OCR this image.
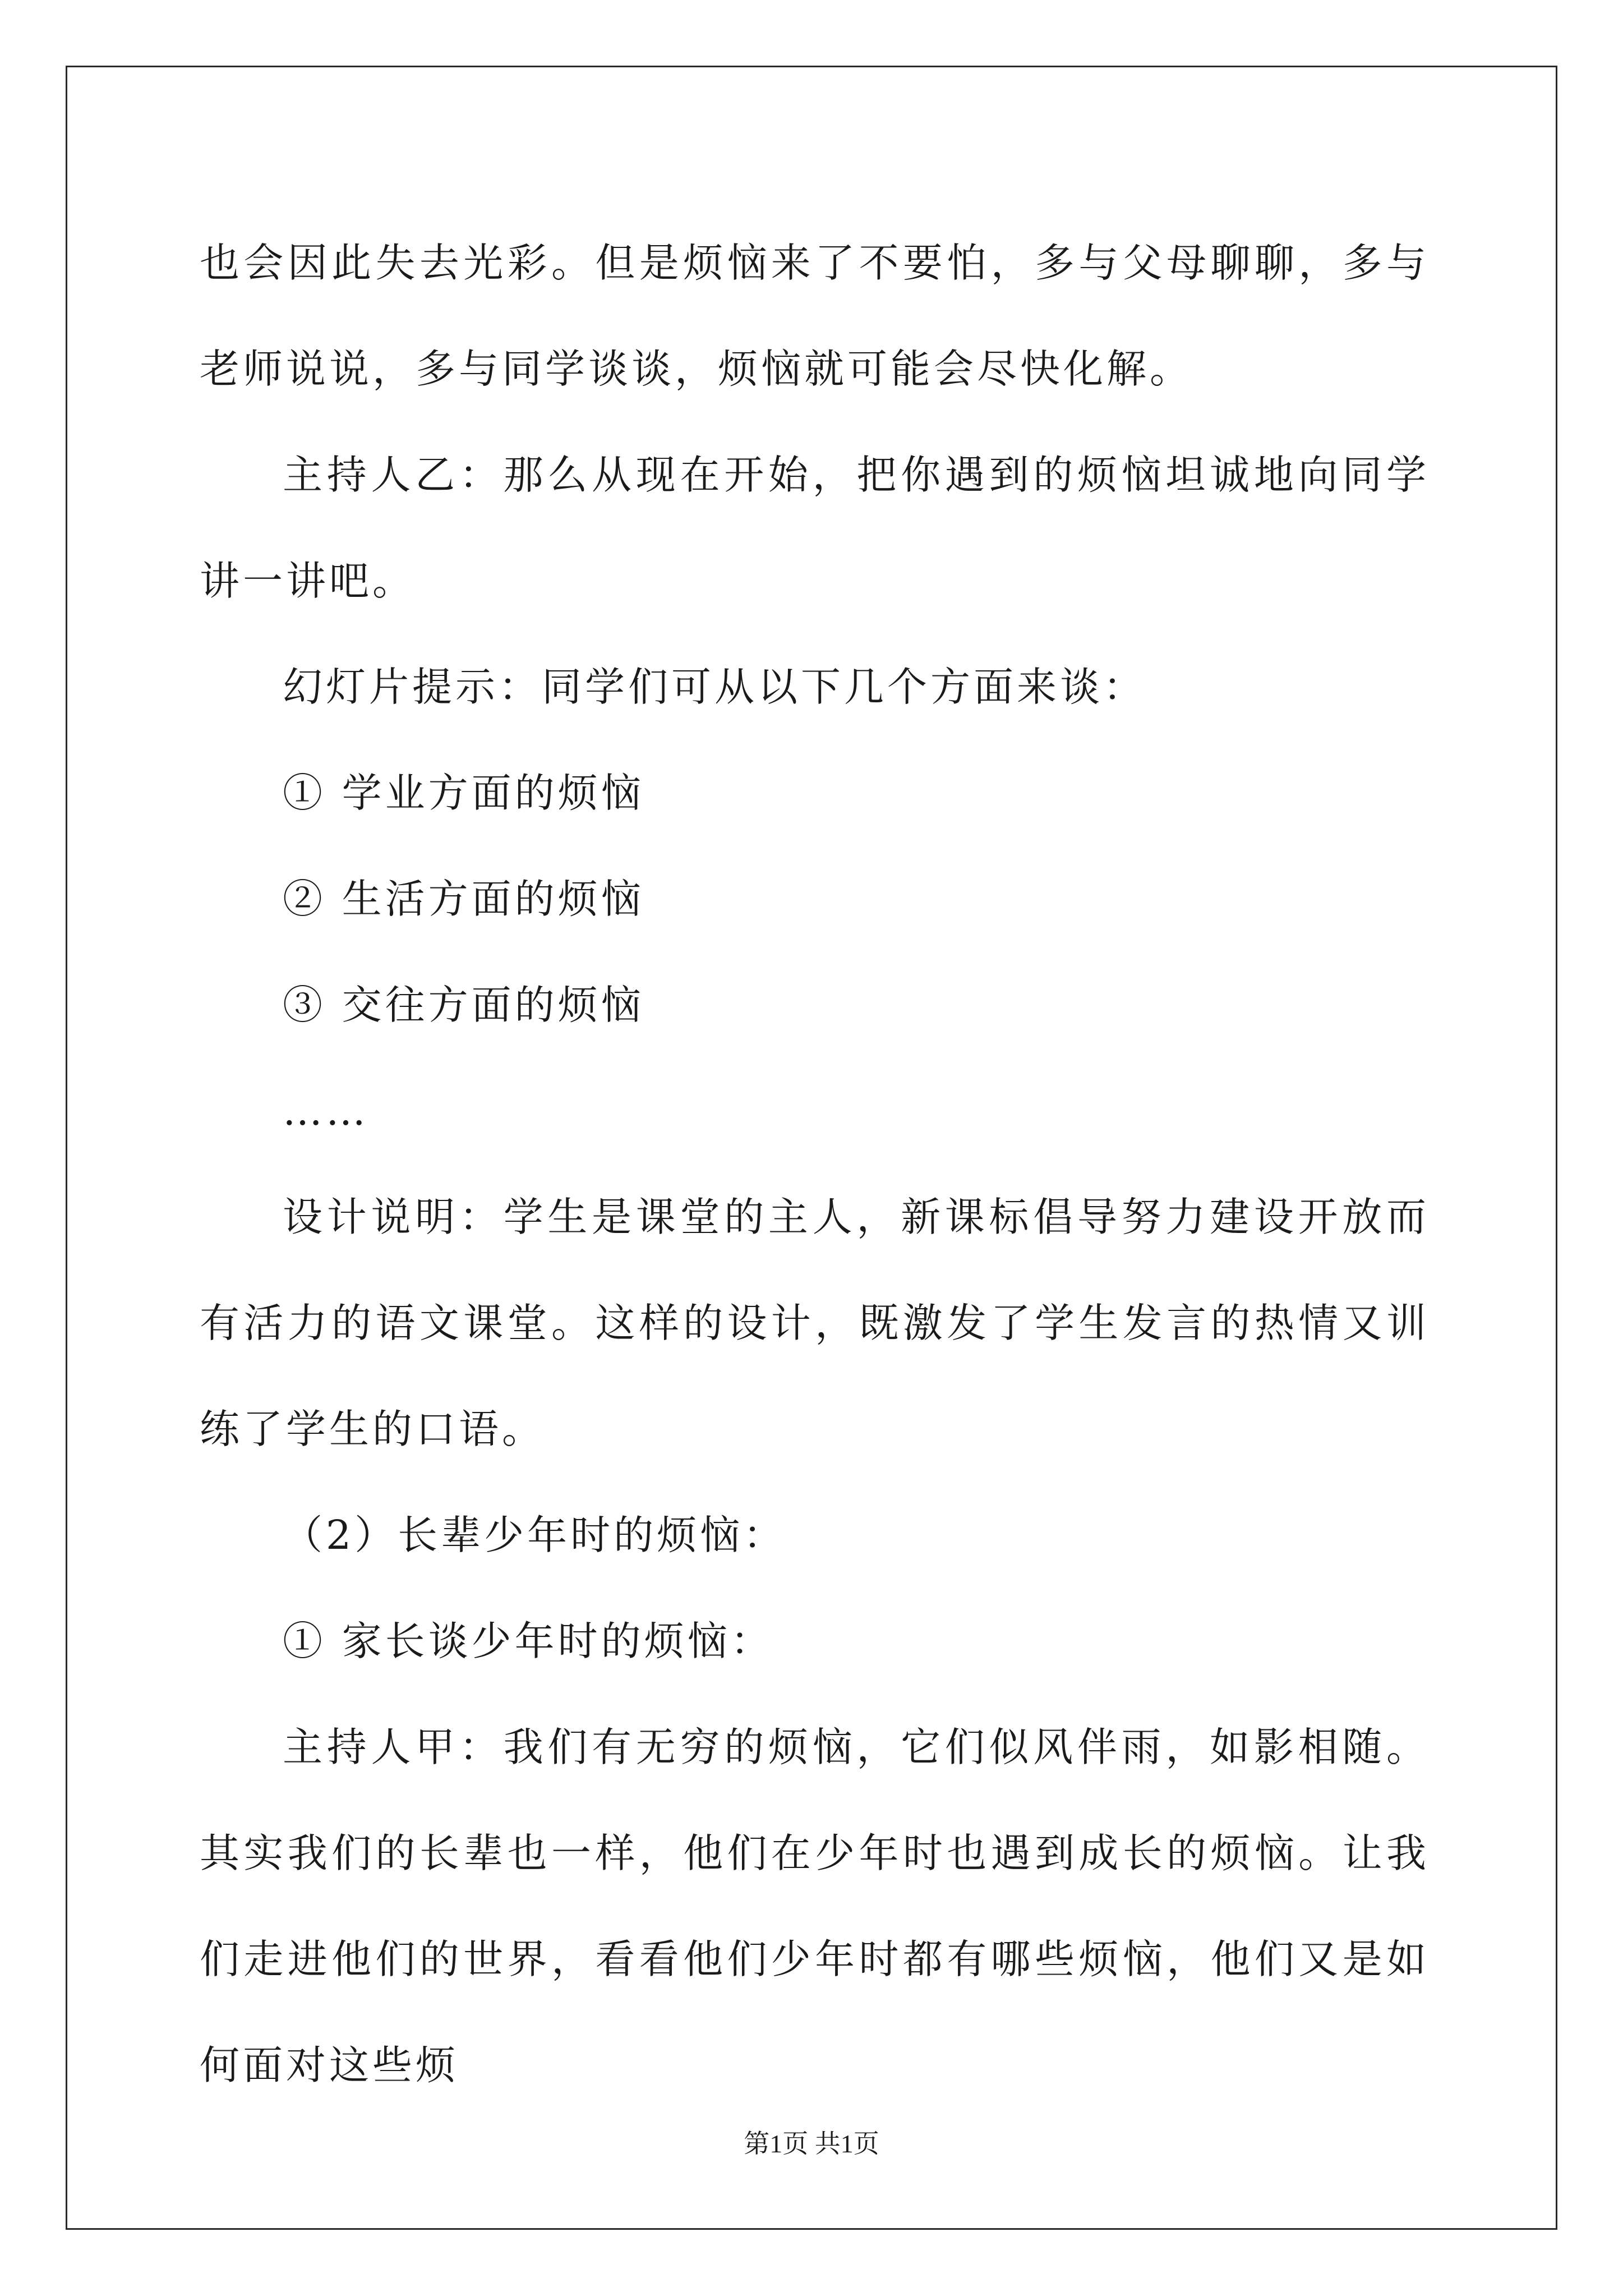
也会因此失去光彩。但是烦恼来了不要怕，多与父母聊聊，多与老师说说，多与同学谈谈，烦恼就可能会尽快化解。

主持人乙：那么从现在开始，把你遇到的烦恼坦诚地向同学讲一讲吧。

幻灯片提示：同学们可从以下几个方面来谈：

① 学业方面的烦恼

② 生活方面的烦恼

③ 交往方面的烦恼

……

设计说明：学生是课堂的主人，新课标倡导努力建设开放而有活力的语文课堂。这样的设计，既激发了学生发言的热情又训练了学生的口语。

（2）长辈少年时的烦恼：

① 家长谈少年时的烦恼：

主持人甲：我们有无穷的烦恼，它们似风伴雨，如影相随。其实我们的长辈也一样，他们在少年时也遇到成长的烦恼。让我们走进他们的世界，看看他们少年时都有哪些烦恼，他们又是如何面对这些烦

第1页 共1页
